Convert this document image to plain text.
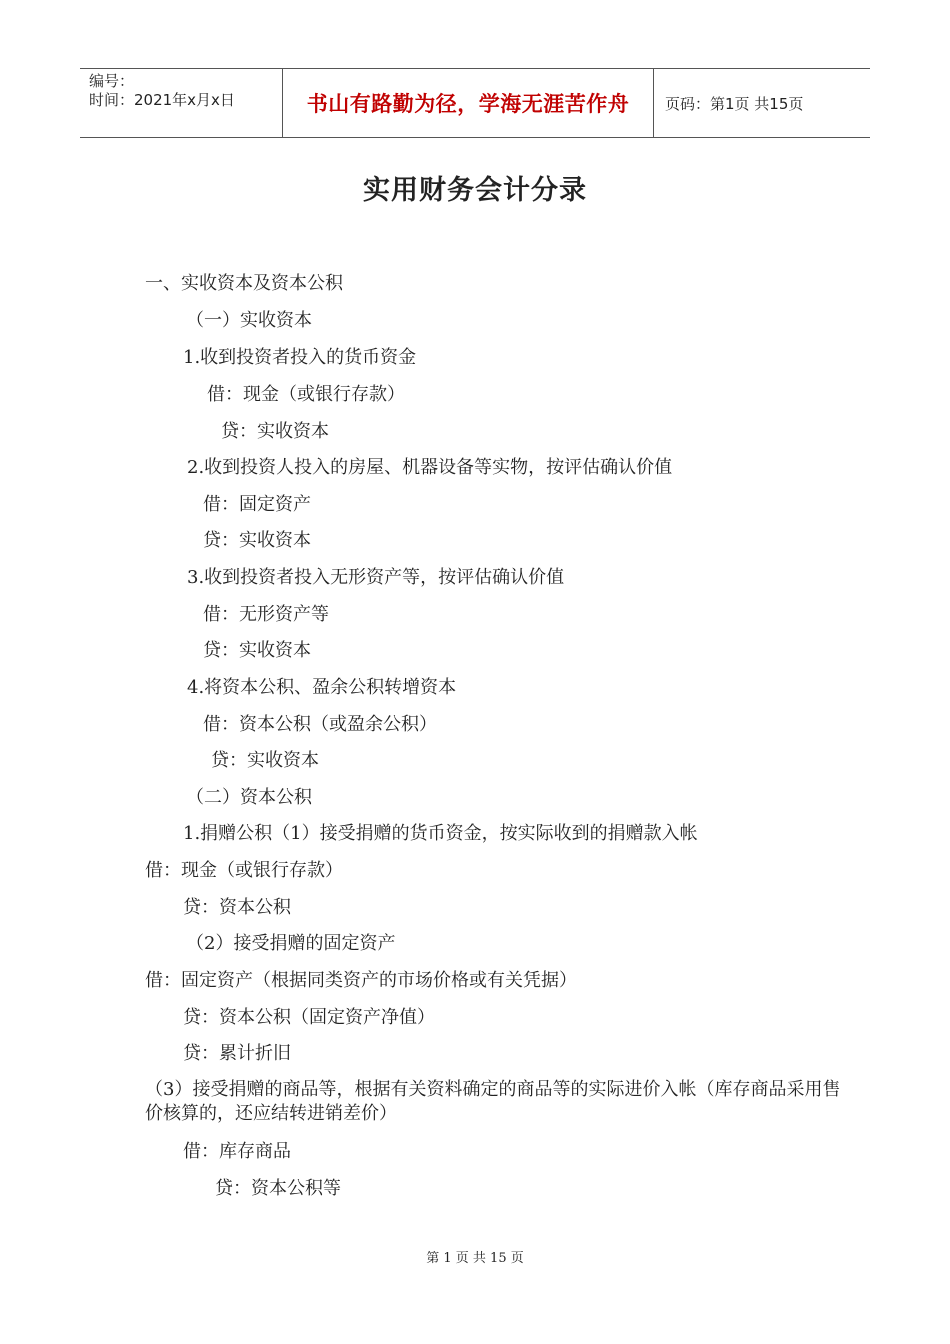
编号：
时间：2021年x月x日	书山有路勤为径，学海无涯苦作舟	页码：第1页 共15页
实用财务会计分录
一、实收资本及资本公积
（一）实收资本
1.收到投资者投入的货币资金
借：现金（或银行存款）
贷：实收资本
2.收到投资人投入的房屋、机器设备等实物，按评估确认价值
借：固定资产
贷：实收资本
3.收到投资者投入无形资产等，按评估确认价值
借：无形资产等
贷：实收资本
4.将资本公积、盈余公积转增资本
借：资本公积（或盈余公积）
贷：实收资本
（二）资本公积
1.捐赠公积（1）接受捐赠的货币资金，按实际收到的捐赠款入帐
借：现金（或银行存款）
贷：资本公积
（2）接受捐赠的固定资产
借：固定资产（根据同类资产的市场价格或有关凭据）
贷：资本公积（固定资产净值）
贷：累计折旧
（3）接受捐赠的商品等，根据有关资料确定的商品等的实际进价入帐（库存商品采用售价核算的，还应结转进销差价）
借：库存商品
贷：资本公积等
第 1 页 共 15 页
